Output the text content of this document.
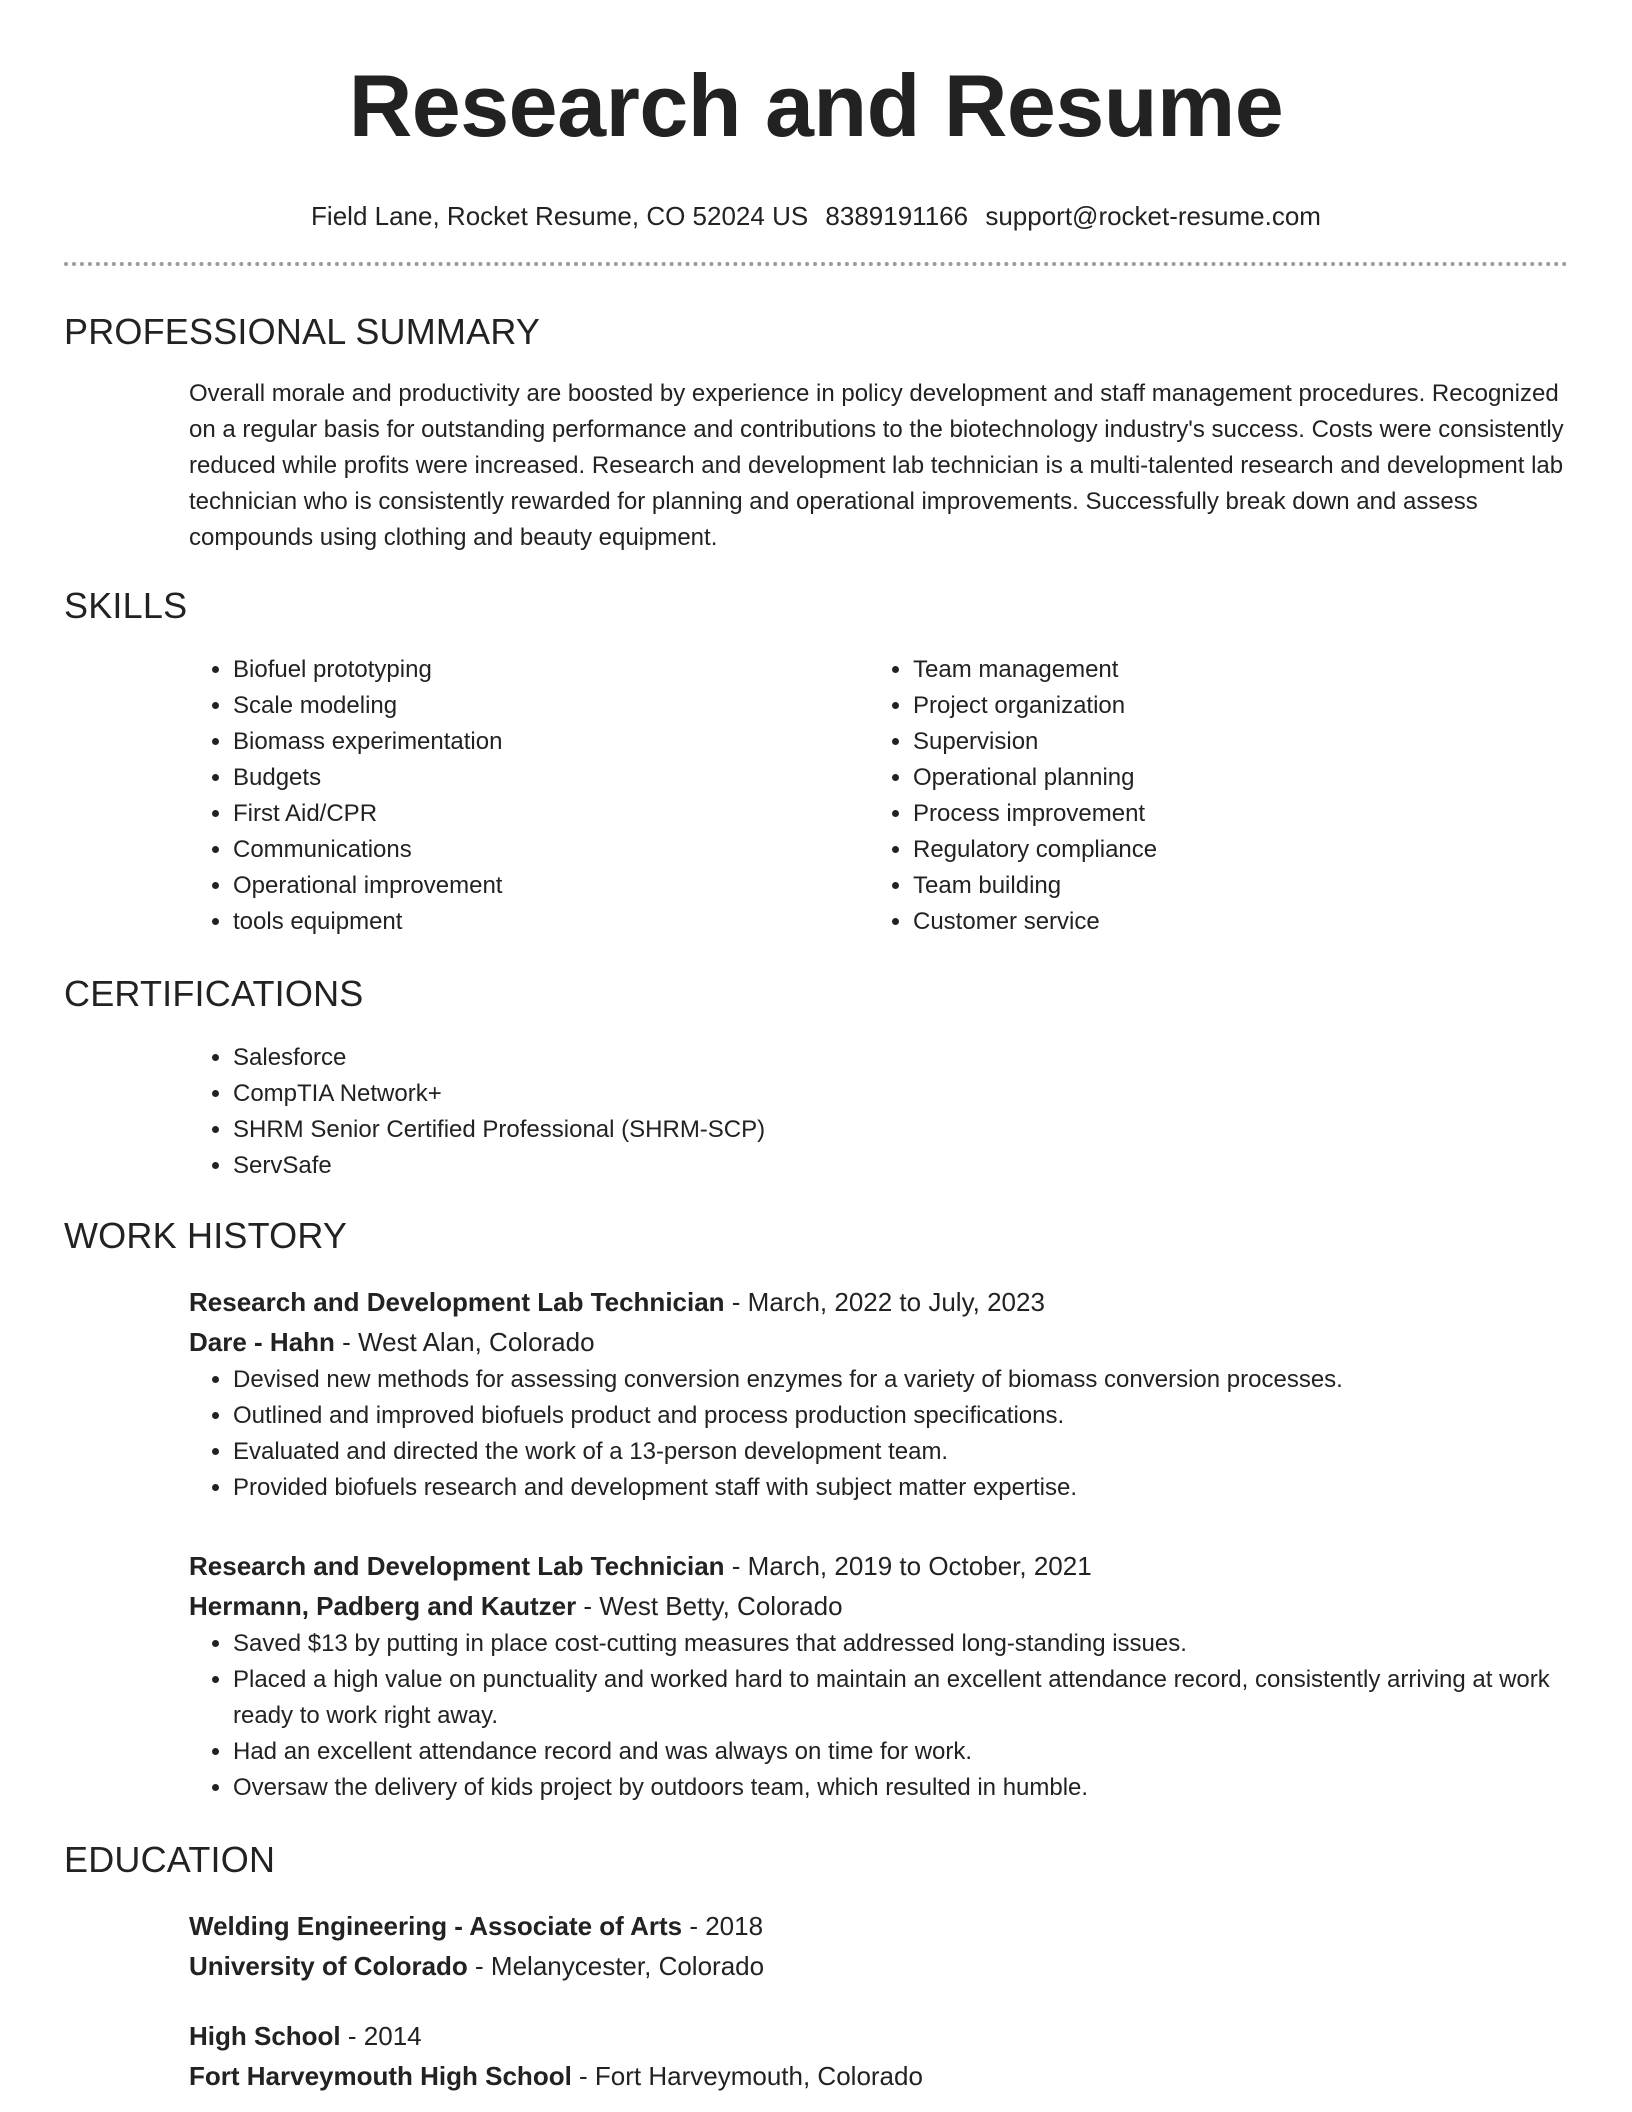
Research and Resume
Field Lane, Rocket Resume, CO 52024 US 8389191166 support@rocket-resume.com
PROFESSIONAL SUMMARY
Overall morale and productivity are boosted by experience in policy development and staff management procedures. Recognized on a regular basis for outstanding performance and contributions to the biotechnology industry's success. Costs were consistently reduced while profits were increased. Research and development lab technician is a multi-talented research and development lab technician who is consistently rewarded for planning and operational improvements. Successfully break down and assess compounds using clothing and beauty equipment.
SKILLS
• Biofuel prototyping
• Scale modeling
• Biomass experimentation
• Budgets
• First Aid/CPR
• Communications
• Operational improvement
• tools equipment
• Team management
• Project organization
• Supervision
• Operational planning
• Process improvement
• Regulatory compliance
• Team building
• Customer service
CERTIFICATIONS
• Salesforce
• CompTIA Network+
• SHRM Senior Certified Professional (SHRM-SCP)
• ServSafe
WORK HISTORY
Research and Development Lab Technician - March, 2022 to July, 2023
Dare - Hahn - West Alan, Colorado
• Devised new methods for assessing conversion enzymes for a variety of biomass conversion processes.
• Outlined and improved biofuels product and process production specifications.
• Evaluated and directed the work of a 13-person development team.
• Provided biofuels research and development staff with subject matter expertise.
Research and Development Lab Technician - March, 2019 to October, 2021
Hermann, Padberg and Kautzer - West Betty, Colorado
• Saved $13 by putting in place cost-cutting measures that addressed long-standing issues.
• Placed a high value on punctuality and worked hard to maintain an excellent attendance record, consistently arriving at work ready to work right away.
• Had an excellent attendance record and was always on time for work.
• Oversaw the delivery of kids project by outdoors team, which resulted in humble.
EDUCATION
Welding Engineering - Associate of Arts - 2018
University of Colorado - Melanycester, Colorado
High School - 2014
Fort Harveymouth High School - Fort Harveymouth, Colorado
